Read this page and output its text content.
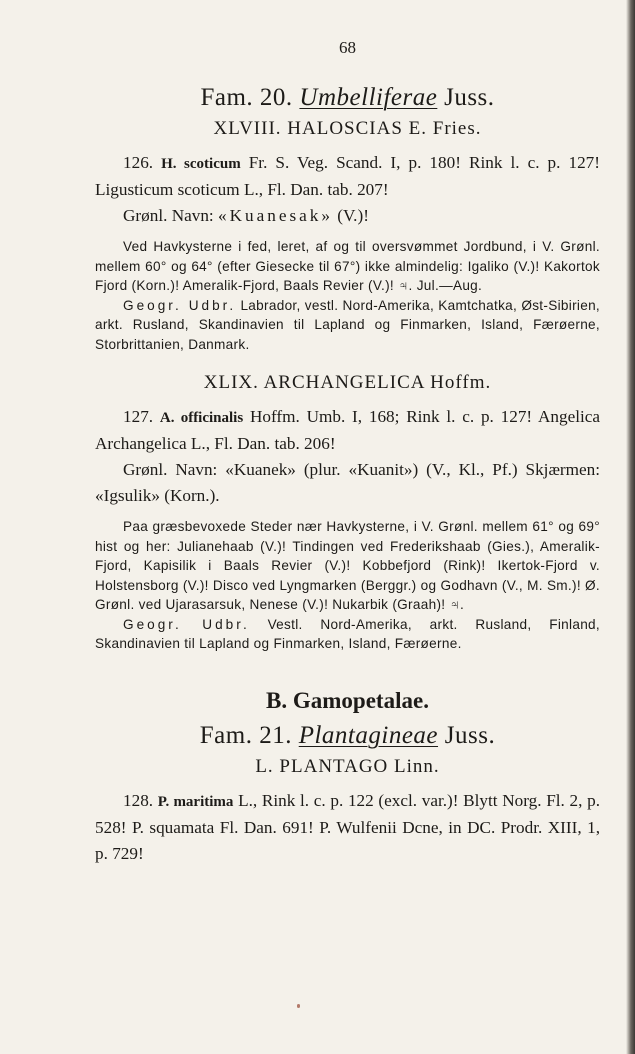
68
Fam. 20. Umbelliferae Juss.
XLVIII. HALOSCIAS E. Fries.

126. H. scoticum Fr. S. Veg. Scand. I, p. 180! Rink l. c. p. 127! Ligusticum scoticum L., Fl. Dan. tab. 207!

Grønl. Navn: «Kuanesak» (V.)!

Ved Havkysterne i fed, leret, af og til oversvømmet Jordbund, i V. Grønl. mellem 60° og 64° (efter Giesecke til 67°) ikke almindelig: Igaliko (V.)! Kakortok Fjord (Korn.)! Ameralik-Fjord, Baals Revier (V.)! ♃. Jul.—Aug.

Geogr. Udbr. Labrador, vestl. Nord-Amerika, Kamtchatka, Øst-Sibirien, arkt. Rusland, Skandinavien til Lapland og Finmarken, Island, Færøerne, Storbrittanien, Danmark.

XLIX. ARCHANGELICA Hoffm.

127. A. officinalis Hoffm. Umb. I, 168; Rink l. c. p. 127! Angelica Archangelica L., Fl. Dan. tab. 206!

Grønl. Navn: «Kuanek» (plur. «Kuanit») (V., Kl., Pf.) Skjærmen: «Igsulik» (Korn.).

Paa græsbevoxede Steder nær Havkysterne, i V. Grønl. mellem 61° og 69° hist og her: Julianehaab (V.)! Tindingen ved Frederikshaab (Gies.), Ameralik-Fjord, Kapisilik i Baals Revier (V.)! Kobbefjord (Rink)! Ikertok-Fjord v. Holstensborg (V.)! Disco ved Lyngmarken (Berggr.) og Godhavn (V., M. Sm.)! Ø. Grønl. ved Ujarasarsuk, Nenese (V.)! Nukarbik (Graah)! ♃.

Geogr. Udbr. Vestl. Nord-Amerika, arkt. Rusland, Finland, Skandinavien til Lapland og Finmarken, Island, Færøerne.

B. Gamopetalae.
Fam. 21. Plantagineae Juss.
L. PLANTAGO Linn.

128. P. maritima L., Rink l. c. p. 122 (excl. var.)! Blytt Norg. Fl. 2, p. 528! P. squamata Fl. Dan. 691! P. Wulfenii Dcne, in DC. Prodr. XIII, 1, p. 729!
